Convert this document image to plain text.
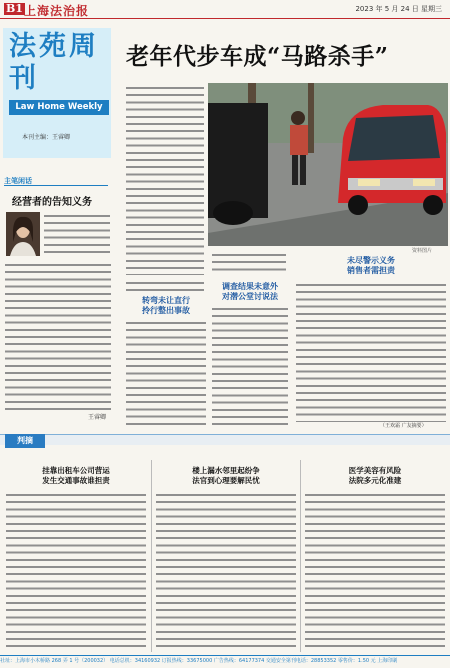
B1 上海法治报	2023 年 5 月 24 日 星期三
法苑周刊
Law Home Weekly
本刊主编：王睿卿
老年代步车成“马路杀手”
资料图片
转弯未让直行
拎行整出事故
调查结果未意外
对潜公堂讨说法
未尽警示义务
销售者需担责
（王欢霜 广友摘要）
主笔闲话
经营者的告知义务
王睿卿
判摘
挂靠出租车公司营运
发生交通事故谁担责
楼上漏水邻里起纷争
法官到心理要解民忧
医学美容有风险
法院多元化准建
社址：上海市小木桥路 268 弄 1 号（200032） 电话总机：34160932 订报热线：33675000 广告热线：64177374 交通安全第刊电话：28853352 零售价：1.50 元 上海印刷
